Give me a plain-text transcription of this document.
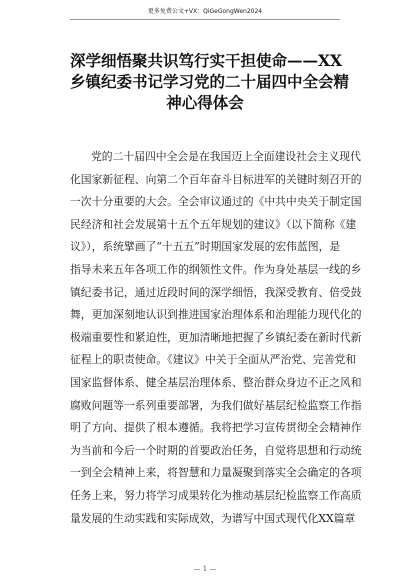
更多免费公文+VX：QiGeGongWen2024
深学细悟聚共识笃行实干担使命——XX
乡镇纪委书记学习党的二十届四中全会精
神心得体会
党的二十届四中全会是在我国迈上全面建设社会主义现代
化国家新征程、向第二个百年奋斗目标进军的关键时刻召开的
一次十分重要的大会。全会审议通过的《中共中央关于制定国
民经济和社会发展第十五个五年规划的建议》（以下简称《建
议》），系统擘画了“十五五”时期国家发展的宏伟蓝图，是
指导未来五年各项工作的纲领性文件。作为身处基层一线的乡
镇纪委书记，通过近段时间的深学细悟，我深受教育、倍受鼓
舞，更加深刻地认识到推进国家治理体系和治理能力现代化的
极端重要性和紧迫性，更加清晰地把握了乡镇纪委在新时代新
征程上的职责使命。《建议》中关于全面从严治党、完善党和
国家监督体系、健全基层治理体系、整治群众身边不正之风和
腐败问题等一系列重要部署，为我们做好基层纪检监察工作指
明了方向、提供了根本遵循。我将把学习宣传贯彻全会精神作
为当前和今后一个时期的首要政治任务，自觉将思想和行动统
一到全会精神上来，将智慧和力量凝聚到落实全会确定的各项
任务上来，努力将学习成果转化为推动基层纪检监察工作高质
量发展的生动实践和实际成效，为谱写中国式现代化XX篇章
— 1 —
